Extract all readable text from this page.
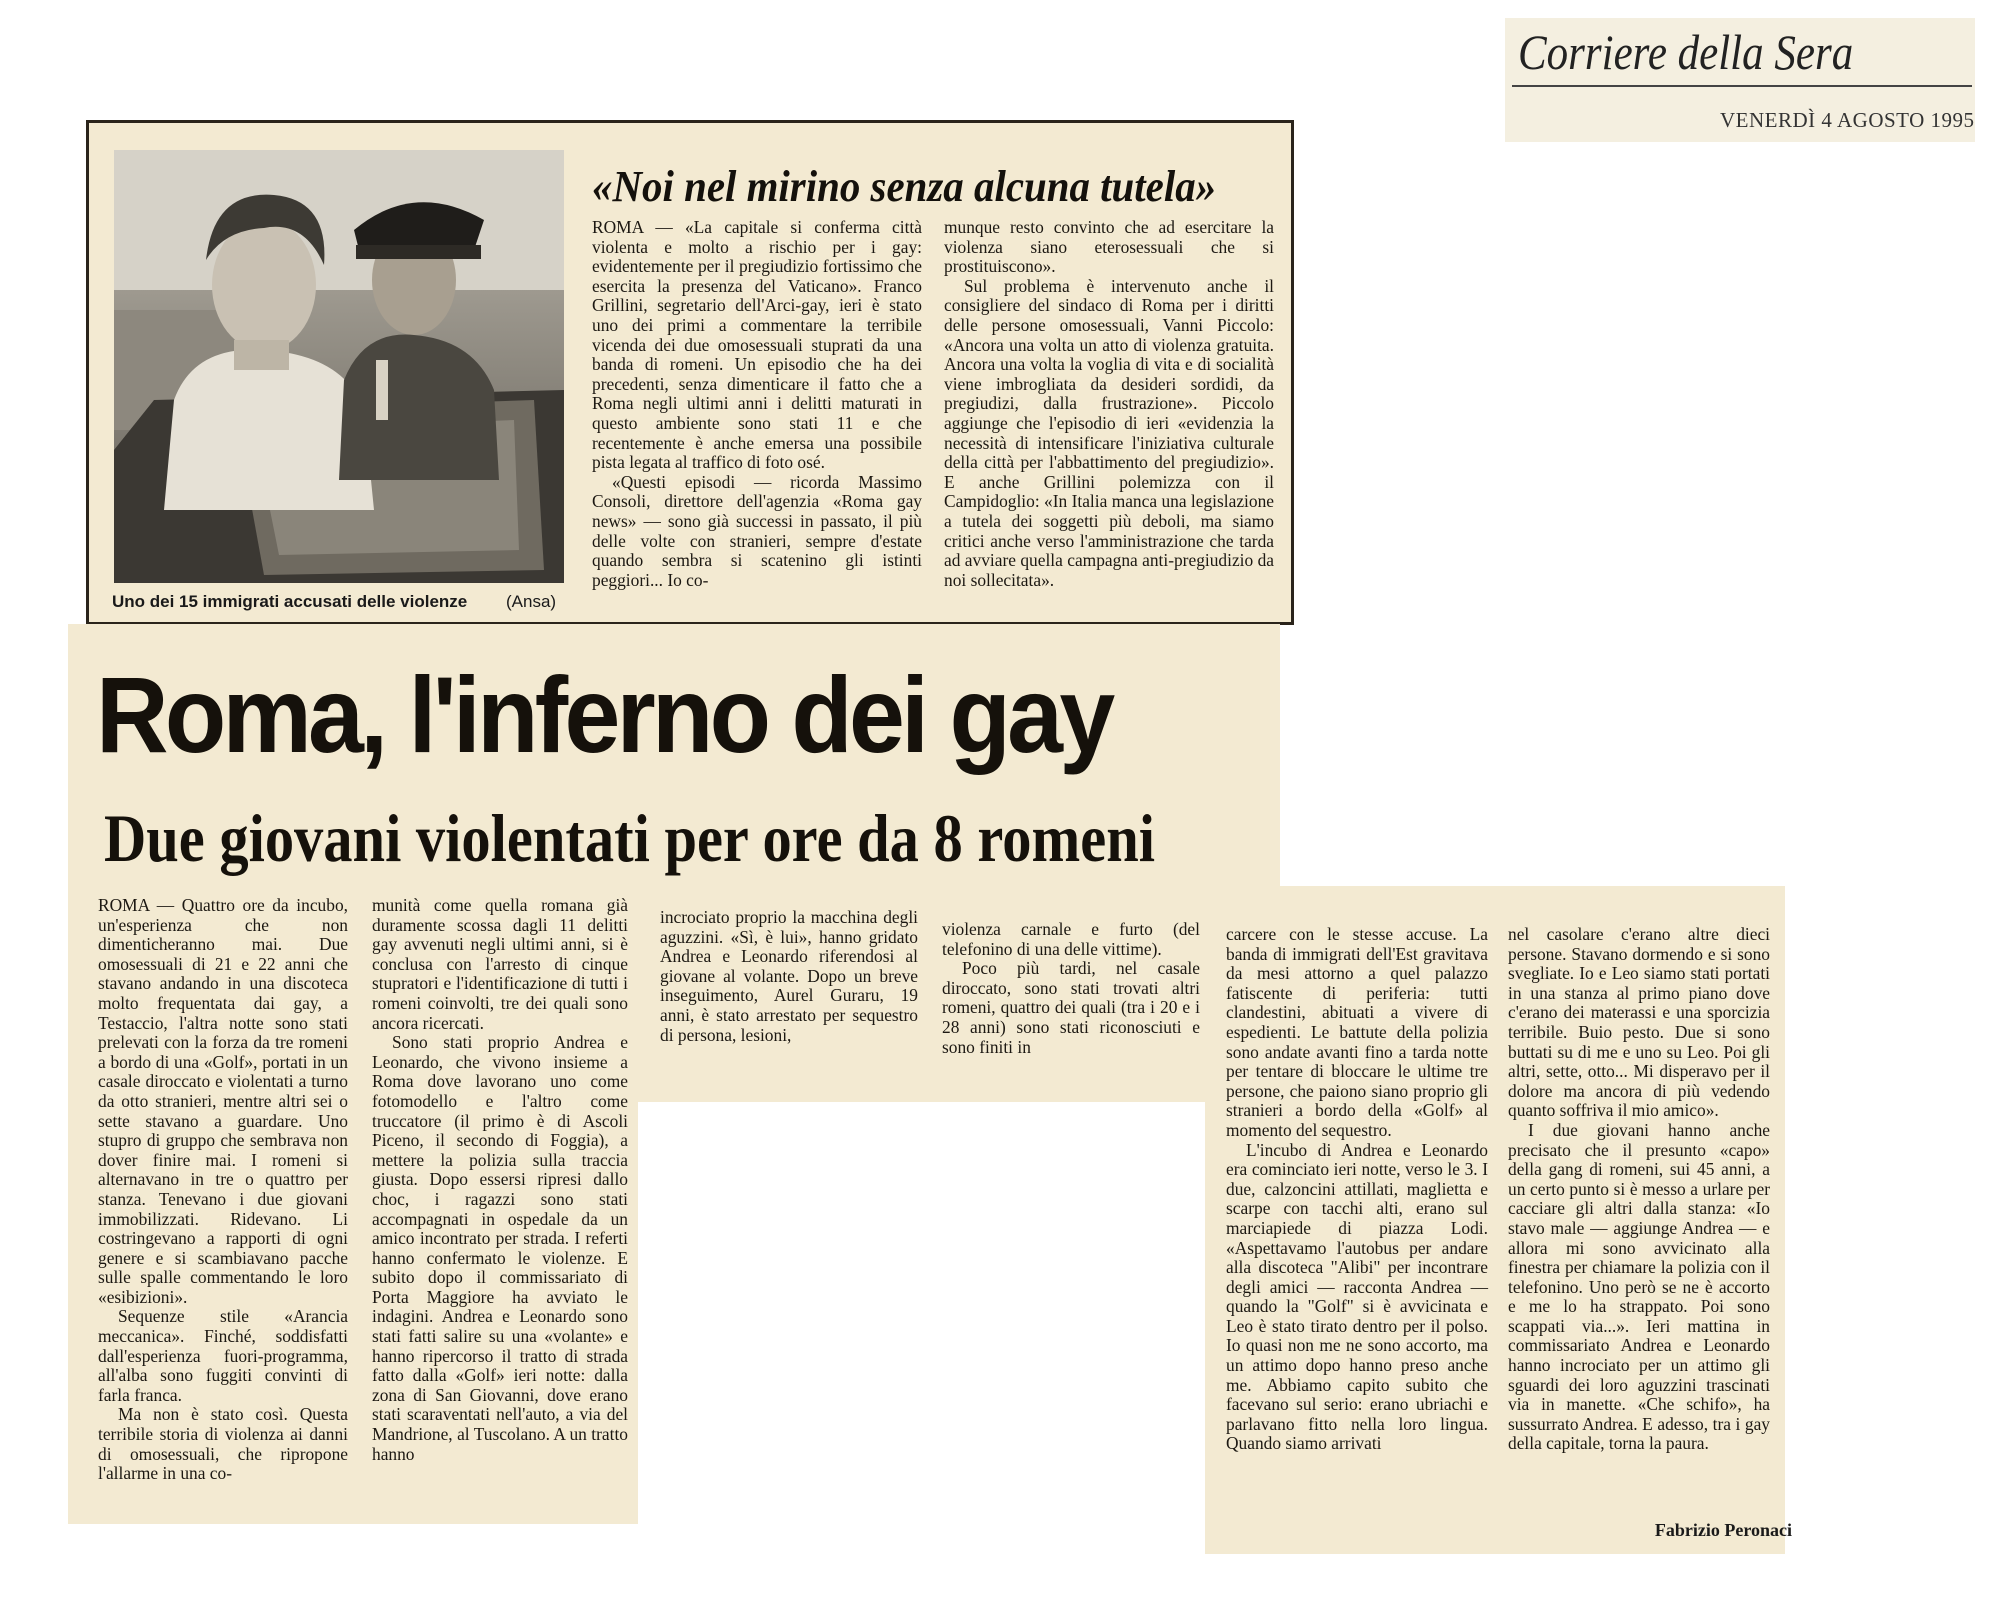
Corriere della Sera
VENERDÌ 4 AGOSTO 1995
Uno dei 15 immigrati accusati delle violenze	(Ansa)
«Noi nel mirino senza alcuna tutela»

ROMA — «La capitale si conferma città violenta e molto a rischio per i gay: evidentemente per il pregiudizio fortissimo che esercita la presenza del Vaticano». Franco Grillini, segretario dell'Arci-gay, ieri è stato uno dei primi a commentare la terribile vicenda dei due omosessuali stuprati da una banda di romeni. Un episodio che ha dei precedenti, senza dimenticare il fatto che a Roma negli ultimi anni i delitti maturati in questo ambiente sono stati 11 e che recentemente è anche emersa una possibile pista legata al traffico di foto osé.

«Questi episodi — ricorda Massimo Consoli, direttore dell'agenzia «Roma gay news» — sono già successi in passato, il più delle volte con stranieri, sempre d'estate quando sembra si scatenino gli istinti peggiori... Io co-

munque resto convinto che ad esercitare la violenza siano eterosessuali che si prostituiscono».

Sul problema è intervenuto anche il consigliere del sindaco di Roma per i diritti delle persone omosessuali, Vanni Piccolo: «Ancora una volta un atto di violenza gratuita. Ancora una volta la voglia di vita e di socialità viene imbrogliata da desideri sordidi, da pregiudizi, dalla frustrazione». Piccolo aggiunge che l'episodio di ieri «evidenzia la necessità di intensificare l'iniziativa culturale della città per l'abbattimento del pregiudizio». E anche Grillini polemizza con il Campidoglio: «In Italia manca una legislazione a tutela dei soggetti più deboli, ma siamo critici anche verso l'amministrazione che tarda ad avviare quella campagna anti-pregiudizio da noi sollecitata».

Roma, l'inferno dei gay
Due giovani violentati per ore da 8 romeni

ROMA — Quattro ore da incubo, un'esperienza che non dimenticheranno mai. Due omosessuali di 21 e 22 anni che stavano andando in una discoteca molto frequentata dai gay, a Testaccio, l'altra notte sono stati prelevati con la forza da tre romeni a bordo di una «Golf», portati in un casale diroccato e violentati a turno da otto stranieri, mentre altri sei o sette stavano a guardare. Uno stupro di gruppo che sembrava non dover finire mai. I romeni si alternavano in tre o quattro per stanza. Tenevano i due giovani immobilizzati. Ridevano. Li costringevano a rapporti di ogni genere e si scambiavano pacche sulle spalle commentando le loro «esibizioni».

Sequenze stile «Arancia meccanica». Finché, soddisfatti dall'esperienza fuori-programma, all'alba sono fuggiti convinti di farla franca.

Ma non è stato così. Questa terribile storia di violenza ai danni di omosessuali, che ripropone l'allarme in una co-

munità come quella romana già duramente scossa dagli 11 delitti gay avvenuti negli ultimi anni, si è conclusa con l'arresto di cinque stupratori e l'identificazione di tutti i romeni coinvolti, tre dei quali sono ancora ricercati.

Sono stati proprio Andrea e Leonardo, che vivono insieme a Roma dove lavorano uno come fotomodello e l'altro come truccatore (il primo è di Ascoli Piceno, il secondo di Foggia), a mettere la polizia sulla traccia giusta. Dopo essersi ripresi dallo choc, i ragazzi sono stati accompagnati in ospedale da un amico incontrato per strada. I referti hanno confermato le violenze. E subito dopo il commissariato di Porta Maggiore ha avviato le indagini. Andrea e Leonardo sono stati fatti salire su una «volante» e hanno ripercorso il tratto di strada fatto dalla «Golf» ieri notte: dalla zona di San Giovanni, dove erano stati scaraventati nell'auto, a via del Mandrione, al Tuscolano. A un tratto hanno

incrociato proprio la macchina degli aguzzini. «Sì, è lui», hanno gridato Andrea e Leonardo riferendosi al giovane al volante. Dopo un breve inseguimento, Aurel Guraru, 19 anni, è stato arrestato per sequestro di persona, lesioni,

violenza carnale e furto (del telefonino di una delle vittime).

Poco più tardi, nel casale diroccato, sono stati trovati altri romeni, quattro dei quali (tra i 20 e i 28 anni) sono stati riconosciuti e sono finiti in

carcere con le stesse accuse. La banda di immigrati dell'Est gravitava da mesi attorno a quel palazzo fatiscente di periferia: tutti clandestini, abituati a vivere di espedienti. Le battute della polizia sono andate avanti fino a tarda notte per tentare di bloccare le ultime tre persone, che paiono siano proprio gli stranieri a bordo della «Golf» al momento del sequestro.

L'incubo di Andrea e Leonardo era cominciato ieri notte, verso le 3. I due, calzoncini attillati, maglietta e scarpe con tacchi alti, erano sul marciapiede di piazza Lodi. «Aspettavamo l'autobus per andare alla discoteca "Alibi" per incontrare degli amici — racconta Andrea — quando la "Golf" si è avvicinata e Leo è stato tirato dentro per il polso. Io quasi non me ne sono accorto, ma un attimo dopo hanno preso anche me. Abbiamo capito subito che facevano sul serio: erano ubriachi e parlavano fitto nella loro lingua. Quando siamo arrivati

nel casolare c'erano altre dieci persone. Stavano dormendo e si sono svegliate. Io e Leo siamo stati portati in una stanza al primo piano dove c'erano dei materassi e una sporcizia terribile. Buio pesto. Due si sono buttati su di me e uno su Leo. Poi gli altri, sette, otto... Mi disperavo per il dolore ma ancora di più vedendo quanto soffriva il mio amico».

I due giovani hanno anche precisato che il presunto «capo» della gang di romeni, sui 45 anni, a un certo punto si è messo a urlare per cacciare gli altri dalla stanza: «Io stavo male — aggiunge Andrea — e allora mi sono avvicinato alla finestra per chiamare la polizia con il telefonino. Uno però se ne è accorto e me lo ha strappato. Poi sono scappati via...». Ieri mattina in commissariato Andrea e Leonardo hanno incrociato per un attimo gli sguardi dei loro aguzzini trascinati via in manette. «Che schifo», ha sussurrato Andrea. E adesso, tra i gay della capitale, torna la paura.

Fabrizio Peronaci
